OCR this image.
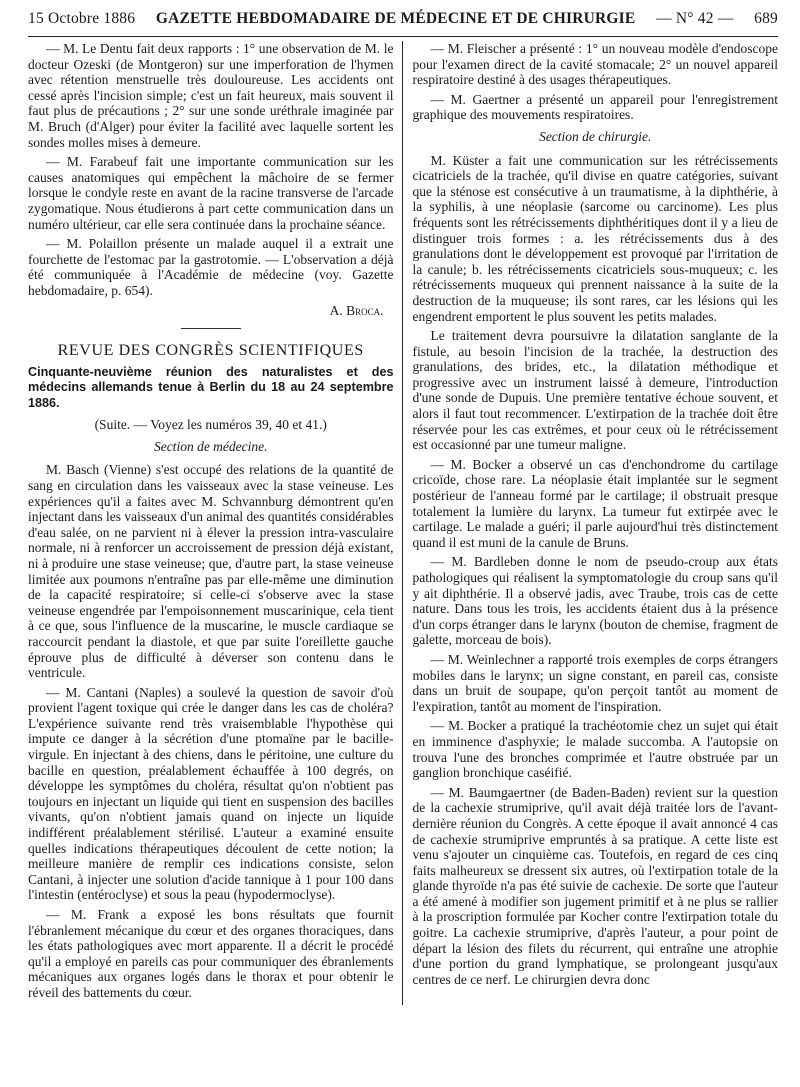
15 Octobre 1886 GAZETTE HEBDOMADAIRE DE MÉDECINE ET DE CHIRURGIE — N° 42 — 689

— M. Le Dentu fait deux rapports : 1° une observation de M. le docteur Ozeski (de Montgeron) sur une imperforation de l'hymen avec rétention menstruelle très douloureuse. Les accidents ont cessé après l'incision simple; c'est un fait heureux, mais souvent il faut plus de précautions ; 2° sur une sonde uréthrale imaginée par M. Bruch (d'Alger) pour éviter la facilité avec laquelle sortent les sondes molles mises à demeure.

— M. Farabeuf fait une importante communication sur les causes anatomiques qui empêchent la mâchoire de se fermer lorsque le condyle reste en avant de la racine transverse de l'arcade zygomatique. Nous étudierons à part cette communication dans un numéro ultérieur, car elle sera continuée dans la prochaine séance.

— M. Polaillon présente un malade auquel il a extrait une fourchette de l'estomac par la gastrotomie. — L'observation a déjà été communiquée à l'Académie de médecine (voy. Gazette hebdomadaire, p. 654).

A. Broca.
REVUE DES CONGRÈS SCIENTIFIQUES
Cinquante-neuvième réunion des naturalistes et des médecins allemands tenue à Berlin du 18 au 24 septembre 1886.
(Suite. — Voyez les numéros 39, 40 et 41.)
Section de médecine.

M. Basch (Vienne) s'est occupé des relations de la quantité de sang en circulation dans les vaisseaux avec la stase veineuse. Les expériences qu'il a faites avec M. Schvannburg démontrent qu'en injectant dans les vaisseaux d'un animal des quantités considérables d'eau salée, on ne parvient ni à élever la pression intra-vasculaire normale, ni à renforcer un accroissement de pression déjà existant, ni à produire une stase veineuse; que, d'autre part, la stase veineuse limitée aux poumons n'entraîne pas par elle-même une diminution de la capacité respiratoire; si celle-ci s'observe avec la stase veineuse engendrée par l'empoisonnement muscarinique, cela tient à ce que, sous l'influence de la muscarine, le muscle cardiaque se raccourcit pendant la diastole, et que par suite l'oreillette gauche éprouve plus de difficulté à déverser son contenu dans le ventricule.

— M. Cantani (Naples) a soulevé la question de savoir d'où provient l'agent toxique qui crée le danger dans les cas de choléra? L'expérience suivante rend très vraisemblable l'hypothèse qui impute ce danger à la sécrétion d'une ptomaïne par le bacille-virgule. En injectant à des chiens, dans le péritoine, une culture du bacille en question, préalablement échauffée à 100 degrés, on développe les symptômes du choléra, résultat qu'on n'obtient pas toujours en injectant un liquide qui tient en suspension des bacilles vivants, qu'on n'obtient jamais quand on injecte un liquide indifférent préalablement stérilisé. L'auteur a examiné ensuite quelles indications thérapeutiques découlent de cette notion; la meilleure manière de remplir ces indications consiste, selon Cantani, à injecter une solution d'acide tannique à 1 pour 100 dans l'intestin (entéroclyse) et sous la peau (hypodermoclyse).

— M. Frank a exposé les bons résultats que fournit l'ébranlement mécanique du cœur et des organes thoraciques, dans les états pathologiques avec mort apparente. Il a décrit le procédé qu'il a employé en pareils cas pour communiquer des ébranlements mécaniques aux organes logés dans le thorax et pour obtenir le réveil des battements du cœur.

— M. Fleischer a présenté : 1° un nouveau modèle d'endoscope pour l'examen direct de la cavité stomacale; 2° un nouvel appareil respiratoire destiné à des usages thérapeutiques.

— M. Gaertner a présenté un appareil pour l'enregistrement graphique des mouvements respiratoires.

Section de chirurgie.

M. Küster a fait une communication sur les rétrécissements cicatriciels de la trachée, qu'il divise en quatre catégories, suivant que la sténose est consécutive à un traumatisme, à la diphthérie, à la syphilis, à une néoplasie (sarcome ou carcinome). Les plus fréquents sont les rétrécissements diphthéritiques dont il y a lieu de distinguer trois formes : a. les rétrécissements dus à des granulations dont le développement est provoqué par l'irritation de la canule; b. les rétrécissements cicatriciels sous-muqueux; c. les rétrécissements muqueux qui prennent naissance à la suite de la destruction de la muqueuse; ils sont rares, car les lésions qui les engendrent emportent le plus souvent les petits malades.

Le traitement devra poursuivre la dilatation sanglante de la fistule, au besoin l'incision de la trachée, la destruction des granulations, des brides, etc., la dilatation méthodique et progressive avec un instrument laissé à demeure, l'introduction d'une sonde de Dupuis. Une première tentative échoue souvent, et alors il faut tout recommencer. L'extirpation de la trachée doit être réservée pour les cas extrêmes, et pour ceux où le rétrécissement est occasionné par une tumeur maligne.

— M. Bocker a observé un cas d'enchondrome du cartilage cricoïde, chose rare. La néoplasie était implantée sur le segment postérieur de l'anneau formé par le cartilage; il obstruait presque totalement la lumière du larynx. La tumeur fut extirpée avec le cartilage. Le malade a guéri; il parle aujourd'hui très distinctement quand il est muni de la canule de Bruns.

— M. Bardleben donne le nom de pseudo-croup aux états pathologiques qui réalisent la symptomatologie du croup sans qu'il y ait diphthérie. Il a observé jadis, avec Traube, trois cas de cette nature. Dans tous les trois, les accidents étaient dus à la présence d'un corps étranger dans le larynx (bouton de chemise, fragment de galette, morceau de bois).

— M. Weinlechner a rapporté trois exemples de corps étrangers mobiles dans le larynx; un signe constant, en pareil cas, consiste dans un bruit de soupape, qu'on perçoit tantôt au moment de l'expiration, tantôt au moment de l'inspiration.

— M. Bocker a pratiqué la trachéotomie chez un sujet qui était en imminence d'asphyxie; le malade succomba. A l'autopsie on trouva l'une des bronches comprimée et l'autre obstruée par un ganglion bronchique caséifié.

— M. Baumgaertner (de Baden-Baden) revient sur la question de la cachexie strumiprive, qu'il avait déjà traitée lors de l'avant-dernière réunion du Congrès. A cette époque il avait annoncé 4 cas de cachexie strumiprive empruntés à sa pratique. A cette liste est venu s'ajouter un cinquième cas. Toutefois, en regard de ces cinq faits malheureux se dressent six autres, où l'extirpation totale de la glande thyroïde n'a pas été suivie de cachexie. De sorte que l'auteur a été amené à modifier son jugement primitif et à ne plus se rallier à la proscription formulée par Kocher contre l'extirpation totale du goitre. La cachexie strumiprive, d'après l'auteur, a pour point de départ la lésion des filets du récurrent, qui entraîne une atrophie d'une portion du grand lymphatique, se prolongeant jusqu'aux centres de ce nerf. Le chirurgien devra donc
